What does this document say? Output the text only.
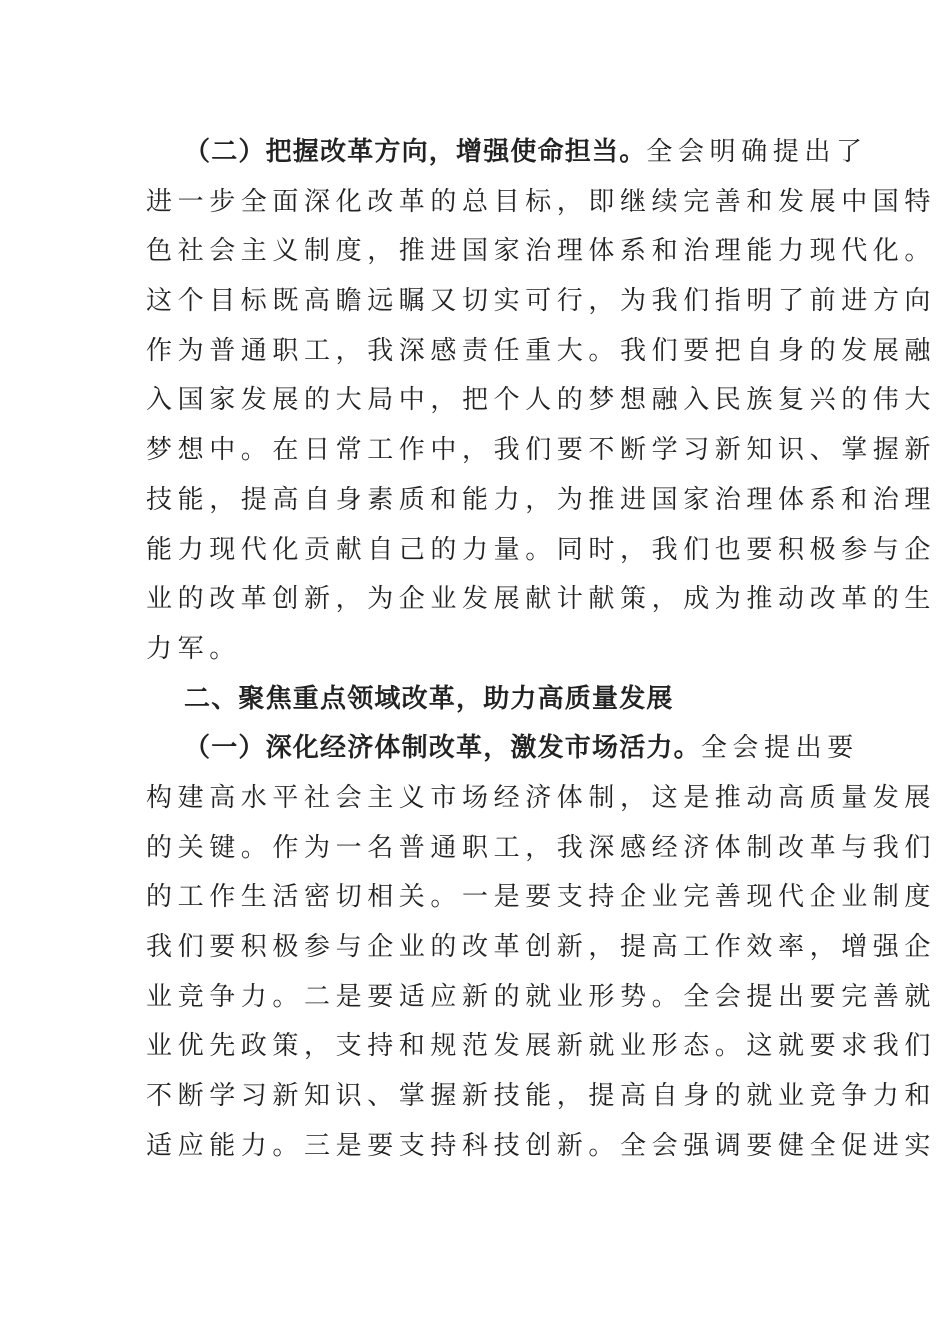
（二）把握改革方向，增强使命担当。全会明确提出了
进一步全面深化改革的总目标，即继续完善和发展中国特
色社会主义制度，推进国家治理体系和治理能力现代化。
这个目标既高瞻远瞩又切实可行，为我们指明了前进方向
作为普通职工，我深感责任重大。我们要把自身的发展融
入国家发展的大局中，把个人的梦想融入民族复兴的伟大
梦想中。在日常工作中，我们要不断学习新知识、掌握新
技能，提高自身素质和能力，为推进国家治理体系和治理
能力现代化贡献自己的力量。同时，我们也要积极参与企
业的改革创新，为企业发展献计献策，成为推动改革的生
力军。
二、聚焦重点领域改革，助力高质量发展
（一）深化经济体制改革，激发市场活力。全会提出要
构建高水平社会主义市场经济体制，这是推动高质量发展
的关键。作为一名普通职工，我深感经济体制改革与我们
的工作生活密切相关。一是要支持企业完善现代企业制度
我们要积极参与企业的改革创新，提高工作效率，增强企
业竞争力。二是要适应新的就业形势。全会提出要完善就
业优先政策，支持和规范发展新就业形态。这就要求我们
不断学习新知识、掌握新技能，提高自身的就业竞争力和
适应能力。三是要支持科技创新。全会强调要健全促进实
